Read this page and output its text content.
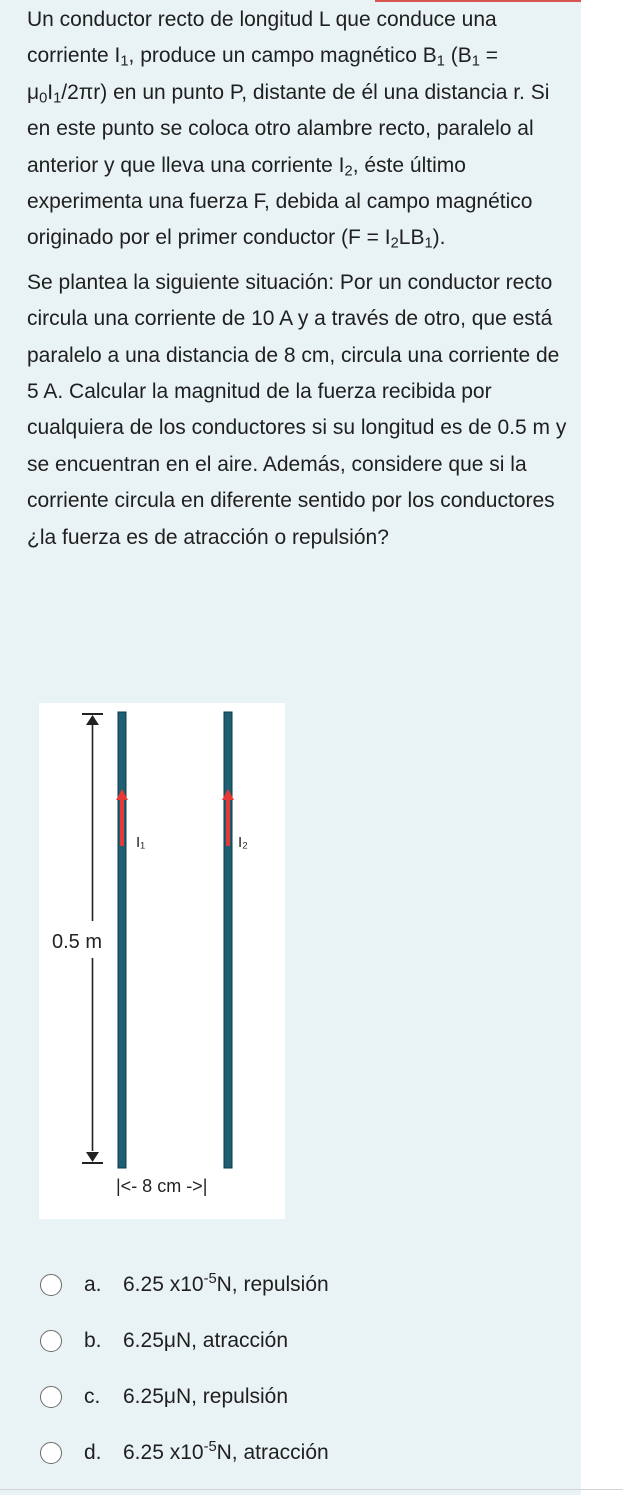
Un conductor recto de longitud L que conduce una corriente $I_1$, produce un campo magnético $B_1$ $(B_1 = \mu_0I_1/2\pi r)$ en un punto P, distante de él una distancia r. Si en este punto se coloca otro alambre recto, paralelo al anterior y que lleva una corriente $I_2$, éste último experimenta una fuerza F, debida al campo magnético originado por el primer conductor $(F = I_2LB_1)$.

Se plantea la siguiente situación: Por un conductor recto circula una corriente de 10 A y a través de otro, que está paralelo a una distancia de 8 cm, circula una corriente de 5 A. Calcular la magnitud de la fuerza recibida por cualquiera de los conductores si su longitud es de 0.5 m y se encuentran en el aire. Además, considere que si la corriente circula en diferente sentido por los conductores ¿la fuerza es de atracción o repulsión?

0.5 m
I₁	I₂
|<- 8 cm ->|
a. 6.25 $x10^{-5}N$, repulsión
b. 6.25μN, atracción
c. 6.25μN, repulsión
d. 6.25 $x10^{-5}N$, atracción
